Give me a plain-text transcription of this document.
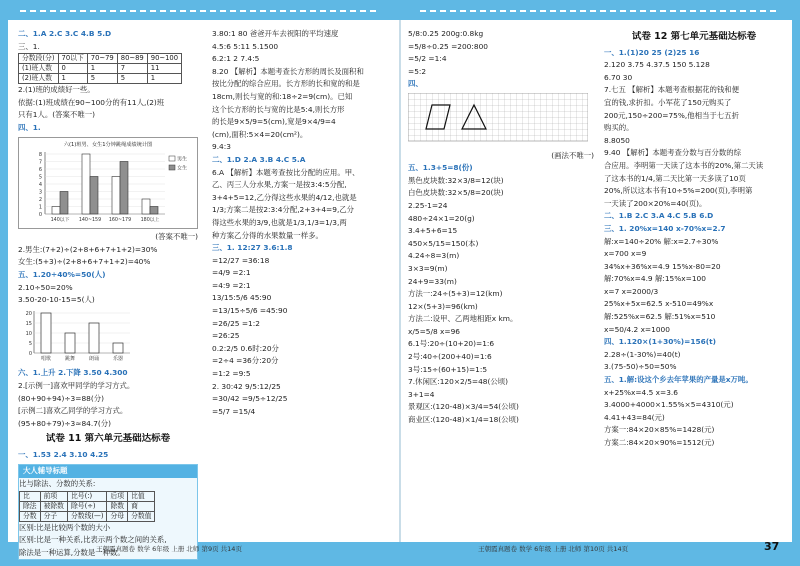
二、1.A 2.C 3.C 4.B 5.D
三、1.
分数段(分)	70以下	70~79	80~89	90~100
(1)班人数	0	1	7	11
(2)班人数	1	5	5	1
2.(1)班的成绩好一些。
依据:(1)班成绩在90~100分的有11人,(2)班
只有1人。(答案不唯一)
四、1.
六(1)班男、女生1分钟跳绳成绩统计图
0
1
2
3
4
5
6
7
8
140以下 140~159 160~179 180以上
男生
女生
(答案不唯一)
2.男生:(7+2)÷(2+8+6+7+1+2)=30%
女生:(5+3)÷(2+8+6+7+1+2)=40%
五、1.20÷40%=50(人)
2.10÷50=20%
3.50-20-10-15=5(人)
0
5
10
15
20
唱歌	跳舞	朗诵	乐器
六、1.上升 2.下降 3.50 4.300
2.[示例一]喜欢甲同学的学习方式。
(80+90+94)÷3=88(分)
[示例二]喜欢乙同学的学习方式。
(95+80+79)÷3≈84.7(分)
试卷 11 第六单元基础达标卷
一、1.53 2.4 3.10 4.25
大人辅导标题
比与除法、分数的关系:
比	前项	比号(:)	后项	比值
除法	被除数	除号(÷)	除数	商
分数	分子	分数线(—)	分母	分数值
区别:比是比较两个数的大小
区别:比是一种关系,比表示两个数之间的关系,
除法是一种运算,分数是一种数。
3.80:1 80 爸爸开车去祝阳的平均速度
4.5:6 5:11 5.1500
6.2:1 2 7.4:5
8.20 【解析】本题考查长方形的周长及面积和
按比分配的综合应用。长方形的长和宽的和是
18cm,则长与宽的和:18÷2=9(cm)。已知
这个长方形的长与宽的比是5:4,则长方形
的长是9×5/9=5(cm),宽是9×4/9=4
(cm),面积:5×4=20(cm²)。
9.4:3
二、1.D 2.A 3.B 4.C 5.A
6.A 【解析】本题考查按比分配的应用。甲、
乙、丙三人分水果,方案一是按3:4:5分配,
3+4+5=12,乙分得这些水果的4/12,也就是
1/3;方案二是按2:3:4分配,2+3+4=9,乙分
得这些水果的3/9,也就是1/3,1/3=1/3,两
种方案乙分得的水果数量一样多。
三、1. 12:27 3.6:1.8
=12/27 =36:18
=4/9 =2:1
=4:9 =2:1
13/15:5/6 45:90
=13/15÷5/6 =45:90
=26/25 =1:2
=26:25
0.2:2/5 0.6时:20分
=2÷4 =36分:20分
=1:2 =9:5
2. 30:42 9/5:12/25
=30/42 =9/5÷12/25
=5/7 =15/4
5/8:0.25 200g:0.8kg
=5/8÷0.25 =200:800
=5/2 =1:4
=5:2
四、
(画法不唯一)
五、1.3+5=8(份)
黑色皮块数:32×3/8=12(块)
白色皮块数:32×5/8=20(块)
2.25-1=24
480÷24×1=20(g)
3.4+5+6=15
450×5/15=150(本)
4.24÷8=3(m)
3×3=9(m)
24+9=33(m)
方法一:24÷(5+3)=12(km)
12×(5+3)=96(km)
方法二:设甲、乙两地相距x km。
x/5=5/8 x=96
6.1号:20÷(10+20)=1:6
2号:40÷(200+40)=1:6
3号:15÷(60+15)=1:5
7.休闲区:120×2/5=48(公顷)
3+1=4
景观区:(120-48)×3/4=54(公顷)
商业区:(120-48)×1/4=18(公顷)
试卷 12 第七单元基础达标卷
一、1.(1)20 25 (2)25 16
2.120 3.75 4.37.5 150 5.128
6.70 30
7.七五 【解析】本题考查根据花的钱和便
宜的钱,求折扣。小军花了150元购买了
200元,150÷200=75%,他相当于七五折
购买的。
8.8050
9.40 【解析】本题考查分数与百分数的综
合应用。李明第一天读了这本书的20%,第二天读
了这本书的1/4,第二天比第一天多读了10页
20%,所以这本书有10÷5%=200(页),李明第
一天读了200×20%=40(页)。
二、1.B 2.C 3.A 4.C 5.B 6.D
三、1. 20%x=140 x-70%x=2.7
解:x=140÷20% 解:x=2.7÷30%
x=700 x=9
34%x+36%x=4.9 15%x-80=20
解:70%x=4.9 解:15%x=100
x=7 x=2000/3
25%x+5x=62.5 x-510=49%x
解:525%x=62.5 解:51%x=510
x=50/4.2 x=1000
四、1.120×(1+30%)=156(t)
2.28÷(1-30%)=40(t)
3.(75-50)÷50=50%
五、1.解:设这个乡去年苹果的产量是x万吨。
x+25%x=4.5 x=3.6
3.4000+4000×1.55%×5=4310(元)
4.41+43=84(元)
方案一:84×20×85%=1428(元)
方案二:84×20×90%=1512(元)
王朝霞真题卷 数学 6年级 上册 北师 第9页 共14页	王朝霞真题卷 数学 6年级 上册 北师 第10页 共14页	37
